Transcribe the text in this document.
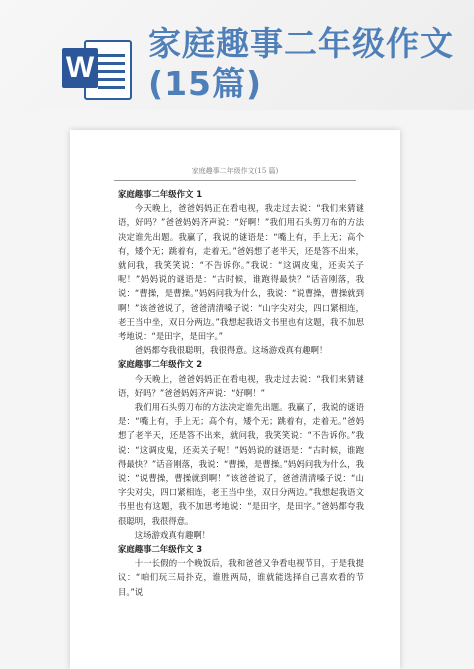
W
家庭趣事二年级作文(15篇)
家庭趣事二年级作文(15 篇)

家庭趣事二年级作文 1

今天晚上，爸爸妈妈正在看电视，我走过去说：“我们来猜谜语，好吗？”爸爸妈妈齐声说：“好啊！”我们用石头剪刀布的方法决定谁先出题。我赢了，我说的谜语是：“嘴上有，手上无；高个有，矮个无；跳着有，走着无。”爸妈想了老半天，还是答不出来，就问我，我笑笑说：“不告诉你。”我说：“这调皮鬼，还卖关子呢！”妈妈说的谜语是：“古时候，谁跑得最快？”话音刚落，我说：“曹操，是曹操。”妈妈问我为什么，我说：“说曹操，曹操就到啊！”该爸爸说了，爸爸清清嗓子说：“山字尖对尖，四口紧相连，老王当中坐，双日分两边。”我想起我语文书里也有这题，我不加思考地说：“是田字，是田字。”

爸妈都夸我很聪明，我很得意。这场游戏真有趣啊！

家庭趣事二年级作文 2

今天晚上，爸爸妈妈正在看电视，我走过去说：“我们来猜谜语，好吗？”爸爸妈妈齐声说：“好啊！”

我们用石头剪刀布的方法决定谁先出题。我赢了，我说的谜语是：“嘴上有，手上无；高个有，矮个无；跳着有，走着无。”爸妈想了老半天，还是答不出来，就问我，我笑笑说：“不告诉你。”我说：“这调皮鬼，还卖关子呢！”妈妈说的谜语是：“古时候，谁跑得最快？”话音刚落，我说：“曹操，是曹操。”妈妈问我为什么，我说：“说曹操，曹操就到啊！”该爸爸说了，爸爸清清嗓子说：“山字尖对尖，四口紧相连，老王当中坐，双日分两边。”我想起我语文书里也有这题，我不加思考地说：“是田字，是田字。”爸妈都夸我很聪明，我很得意。

这场游戏真有趣啊！

家庭趣事二年级作文 3

十一长假的一个晚饭后，我和爸爸又争看电视节目，于是我提议：“咱们玩三局扑克，谁胜两局，谁就能选择自己喜欢看的节目。”说
